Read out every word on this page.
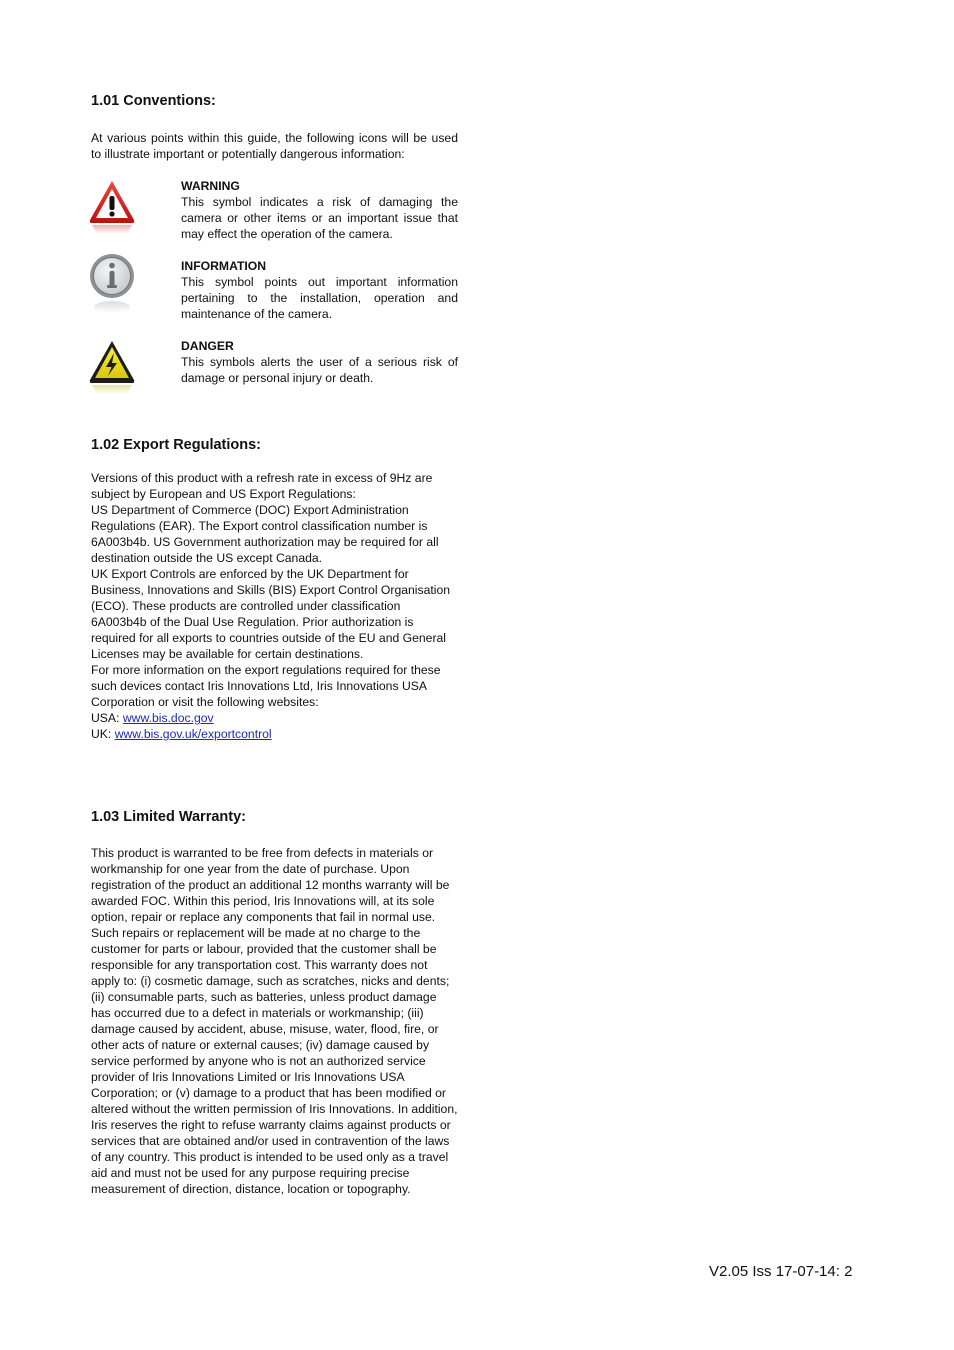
1.01 Conventions:

At various points within this guide, the following icons will be used to illustrate important or potentially dangerous information:

WARNING
This symbol indicates a risk of damaging the camera or other items or an important issue that may effect the operation of the camera.
INFORMATION
This symbol points out important information pertaining to the installation, operation and maintenance of the camera.
DANGER
This symbols alerts the user of a serious risk of damage or personal injury or death.
1.02 Export Regulations:

Versions of this product with a refresh rate in excess of 9Hz are subject by European and US Export Regulations:

US Department of Commerce (DOC) Export Administration Regulations (EAR). The Export control classification number is 6A003b4b. US Government authorization may be required for all destination outside the US except Canada.

UK Export Controls are enforced by the UK Department for Business, Innovations and Skills (BIS) Export Control Organisation (ECO). These products are controlled under classification 6A003b4b of the Dual Use Regulation. Prior authorization is required for all exports to countries outside of the EU and General Licenses may be available for certain destinations.

For more information on the export regulations required for these such devices contact Iris Innovations Ltd, Iris Innovations USA Corporation or visit the following websites:

USA: www.bis.doc.gov

UK: www.bis.gov.uk/exportcontrol

1.03 Limited Warranty:

This product is warranted to be free from defects in materials or workmanship for one year from the date of purchase. Upon registration of the product an additional 12 months warranty will be awarded FOC. Within this period, Iris Innovations will, at its sole option, repair or replace any components that fail in normal use. Such repairs or replacement will be made at no charge to the customer for parts or labour, provided that the customer shall be responsible for any transportation cost. This warranty does not apply to: (i) cosmetic damage, such as scratches, nicks and dents; (ii) consumable parts, such as batteries, unless product damage has occurred due to a defect in materials or workmanship; (iii) damage caused by accident, abuse, misuse, water, flood, fire, or other acts of nature or external causes; (iv) damage caused by service performed by anyone who is not an authorized service provider of Iris Innovations Limited or Iris Innovations USA Corporation; or (v) damage to a product that has been modified or altered without the written permission of Iris Innovations. In addition, Iris reserves the right to refuse warranty claims against products or services that are obtained and/or used in contravention of the laws of any country. This product is intended to be used only as a travel aid and must not be used for any purpose requiring precise measurement of direction, distance, location or topography.

V2.05 Iss 17-07-14: 2
